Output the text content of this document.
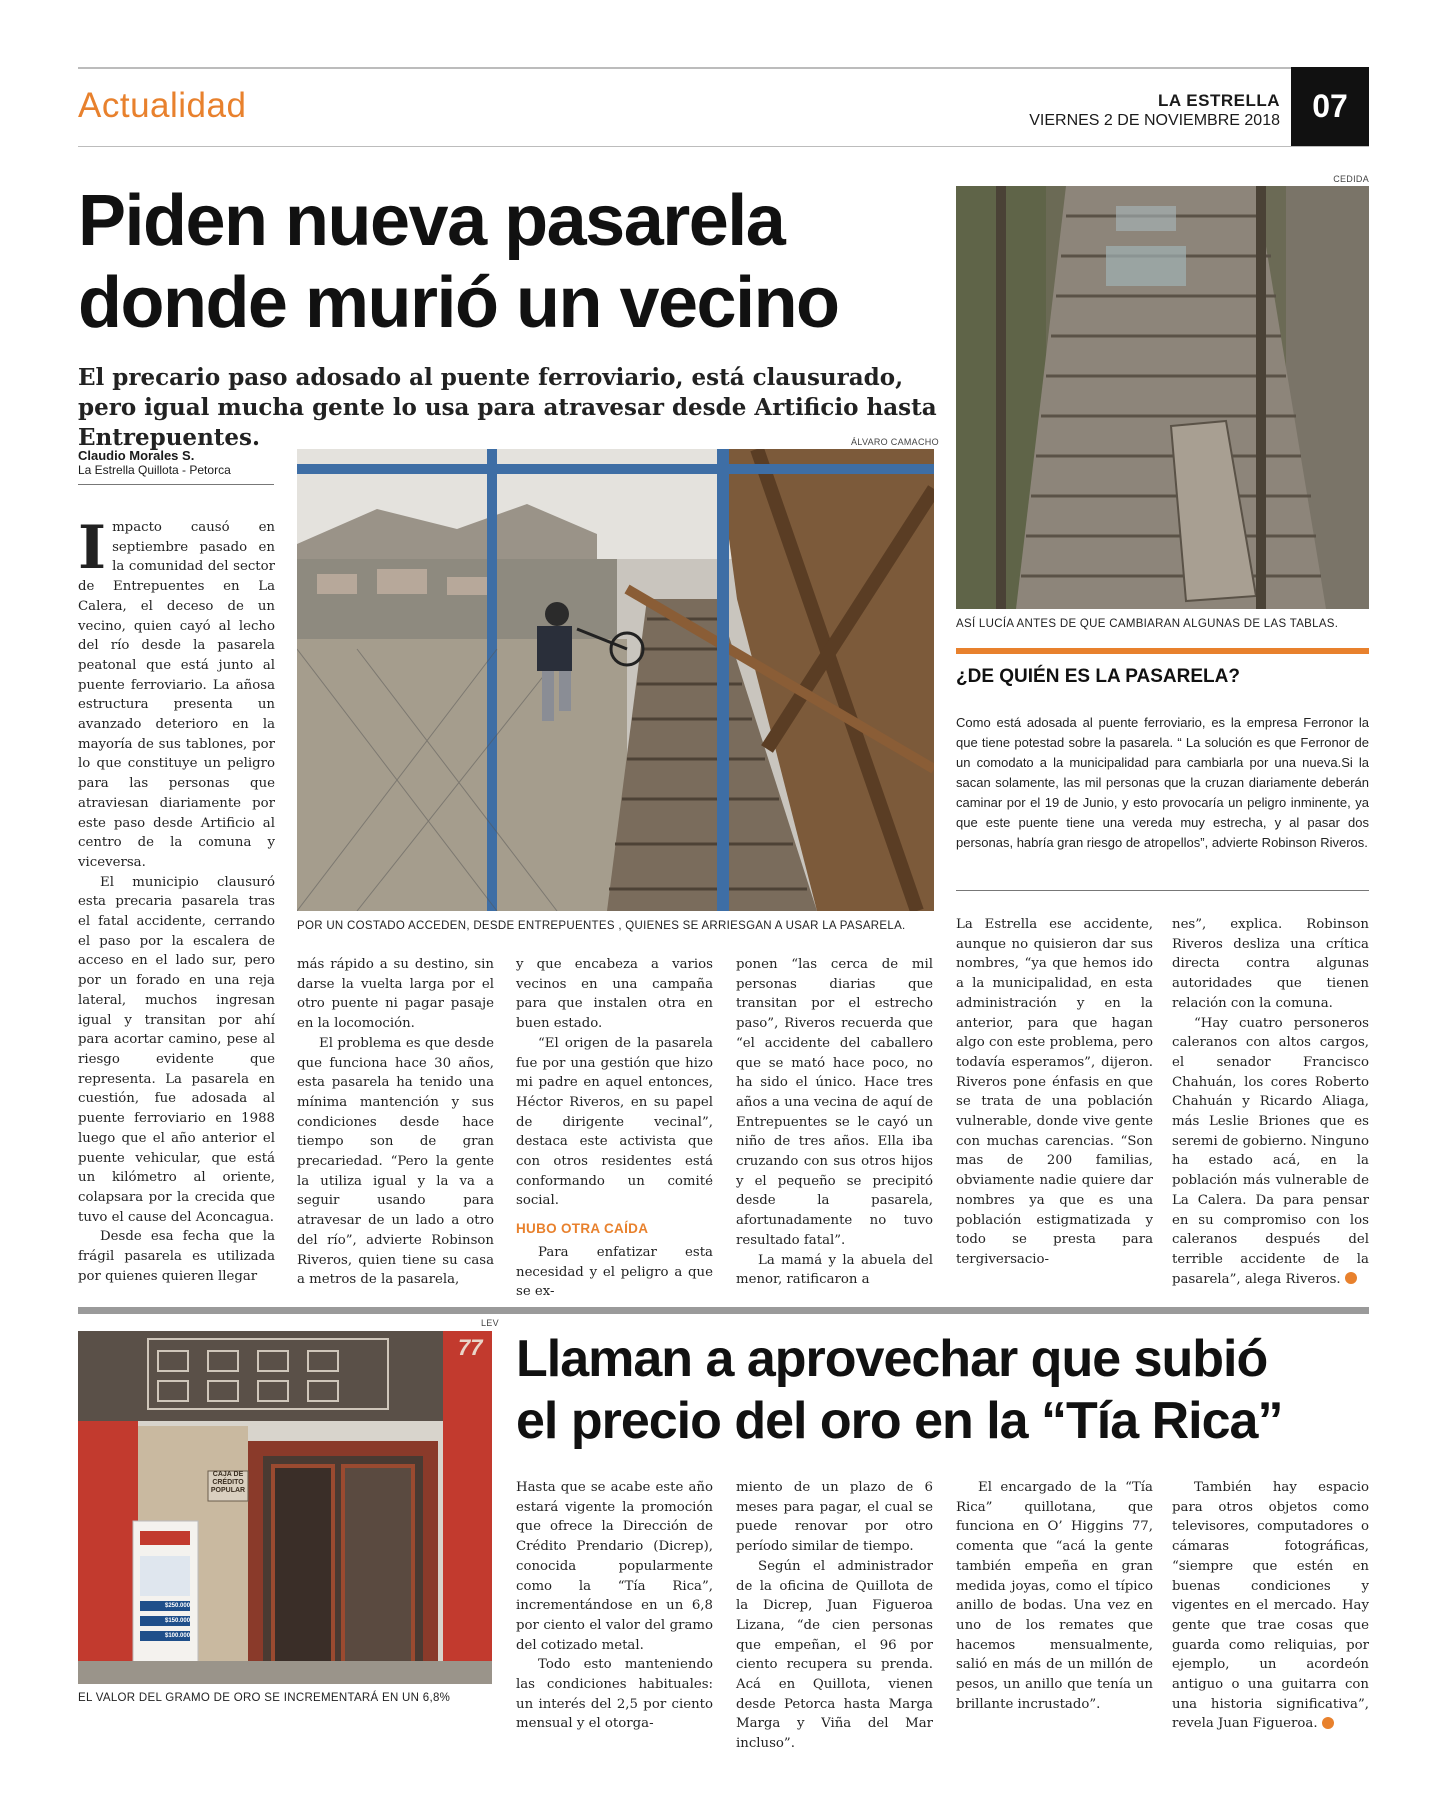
Actualidad	LA ESTRELLA
VIERNES 2 DE NOVIEMBRE 2018	07
Piden nueva pasarela
donde murió un vecino
El precario paso adosado al puente ferroviario, está clausurado, pero igual mucha gente lo usa para atravesar desde Artificio hasta Entrepuentes.
CEDIDA
ASÍ LUCÍA ANTES DE QUE CAMBIARAN ALGUNAS DE LAS TABLAS.
¿DE QUIÉN ES LA PASARELA?
Como está adosada al puente ferroviario, es la empresa Ferronor la que tiene potestad sobre la pasarela. “ La solución es que Ferronor de un comodato a la municipalidad para cambiarla por una nueva.Si la sacan solamente, las mil personas que la cruzan diariamente deberán caminar por el 19 de Junio, y esto provocaría un peligro inminente, ya que este puente tiene una vereda muy estrecha, y al pasar dos personas, habría gran riesgo de atropellos”, advierte Robinson Riveros.
Claudio Morales S.
La Estrella Quillota - Petorca
ÁLVARO CAMACHO
POR UN COSTADO ACCEDEN, DESDE ENTREPUENTES , QUIENES SE ARRIESGAN A USAR LA PASARELA.
I mpacto causó en septiembre pasado en la comunidad del sector de Entrepuentes en La Calera, el deceso de un vecino, quien cayó al lecho del río desde la pasarela peatonal que está junto al puente ferroviario. La añosa estructura presenta un avanzado deterioro en la mayoría de sus tablones, por lo que constituye un peligro para las personas que atraviesan diariamente por este paso desde Artificio al centro de la comuna y viceversa.

El municipio clausuró esta precaria pasarela tras el fatal accidente, cerrando el paso por la escalera de acceso en el lado sur, pero por un forado en una reja lateral, muchos ingresan igual y transitan por ahí para acortar camino, pese al riesgo evidente que representa. La pasarela en cuestión, fue adosada al puente ferroviario en 1988 luego que el año anterior el puente vehicular, que está un kilómetro al oriente, colapsara por la crecida que tuvo el cause del Aconcagua.

Desde esa fecha que la frágil pasarela es utilizada por quienes quieren llegar

más rápido a su destino, sin darse la vuelta larga por el otro puente ni pagar pasaje en la locomoción.

El problema es que desde que funciona hace 30 años, esta pasarela ha tenido una mínima mantención y sus condiciones desde hace tiempo son de gran precariedad. “Pero la gente la utiliza igual y la va a seguir usando para atravesar de un lado a otro del río”, advierte Robinson Riveros, quien tiene su casa a metros de la pasarela,

y que encabeza a varios vecinos en una campaña para que instalen otra en buen estado.

“El origen de la pasarela fue por una gestión que hizo mi padre en aquel entonces, Héctor Riveros, en su papel de dirigente vecinal”, destaca este activista que con otros residentes está conformando un comité social.

HUBO OTRA CAÍDA

Para enfatizar esta necesidad y el peligro a que se ex-

ponen “las cerca de mil personas diarias que transitan por el estrecho paso”, Riveros recuerda que “el accidente del caballero que se mató hace poco, no ha sido el único. Hace tres años a una vecina de aquí de Entrepuentes se le cayó un niño de tres años. Ella iba cruzando con sus otros hijos y el pequeño se precipitó desde la pasarela, afortunadamente no tuvo resultado fatal”.

La mamá y la abuela del menor, ratificaron a

La Estrella ese accidente, aunque no quisieron dar sus nombres, “ya que hemos ido a la municipalidad, en esta administración y en la anterior, para que hagan algo con este problema, pero todavía esperamos”, dijeron. Riveros pone énfasis en que se trata de una población vulnerable, donde vive gente con muchas carencias. “Son mas de 200 familias, obviamente nadie quiere dar nombres ya que es una población estigmatizada y todo se presta para tergiversacio-

nes”, explica. Robinson Riveros desliza una crítica directa contra algunas autoridades que tienen relación con la comuna.

“Hay cuatro personeros caleranos con altos cargos, el senador Francisco Chahuán, los cores Roberto Chahuán y Ricardo Aliaga, más Leslie Briones que es seremi de gobierno. Ninguno ha estado acá, en la población más vulnerable de La Calera. Da para pensar en su compromiso con los caleranos después del terrible accidente de la pasarela”, alega Riveros.

LEV
CAJA DE CRÉDITO POPULAR
77
$250.000
$150.000
$100.000
EL VALOR DEL GRAMO DE ORO SE INCREMENTARÁ EN UN 6,8%
Llaman a aprovechar que subió
el precio del oro en la “Tía Rica”

Hasta que se acabe este año estará vigente la promoción que ofrece la Dirección de Crédito Prendario (Dicrep), conocida popularmente como la “Tía Rica”, incrementándose en un 6,8 por ciento el valor del gramo del cotizado metal.

Todo esto manteniendo las condiciones habituales: un interés del 2,5 por ciento mensual y el otorga-

miento de un plazo de 6 meses para pagar, el cual se puede renovar por otro período similar de tiempo.

Según el administrador de la oficina de Quillota de la Dicrep, Juan Figueroa Lizana, “de cien personas que empeñan, el 96 por ciento recupera su prenda. Acá en Quillota, vienen desde Petorca hasta Marga Marga y Viña del Mar incluso”.

El encargado de la “Tía Rica” quillotana, que funciona en O’ Higgins 77, comenta que “acá la gente también empeña en gran medida joyas, como el típico anillo de bodas. Una vez en uno de los remates que hacemos mensualmente, salió en más de un millón de pesos, un anillo que tenía un brillante incrustado”.

También hay espacio para otros objetos como televisores, computadores o cámaras fotográficas, “siempre que estén en buenas condiciones y vigentes en el mercado. Hay gente que trae cosas que guarda como reliquias, por ejemplo, un acordeón antiguo o una guitarra con una historia significativa”, revela Juan Figueroa.
